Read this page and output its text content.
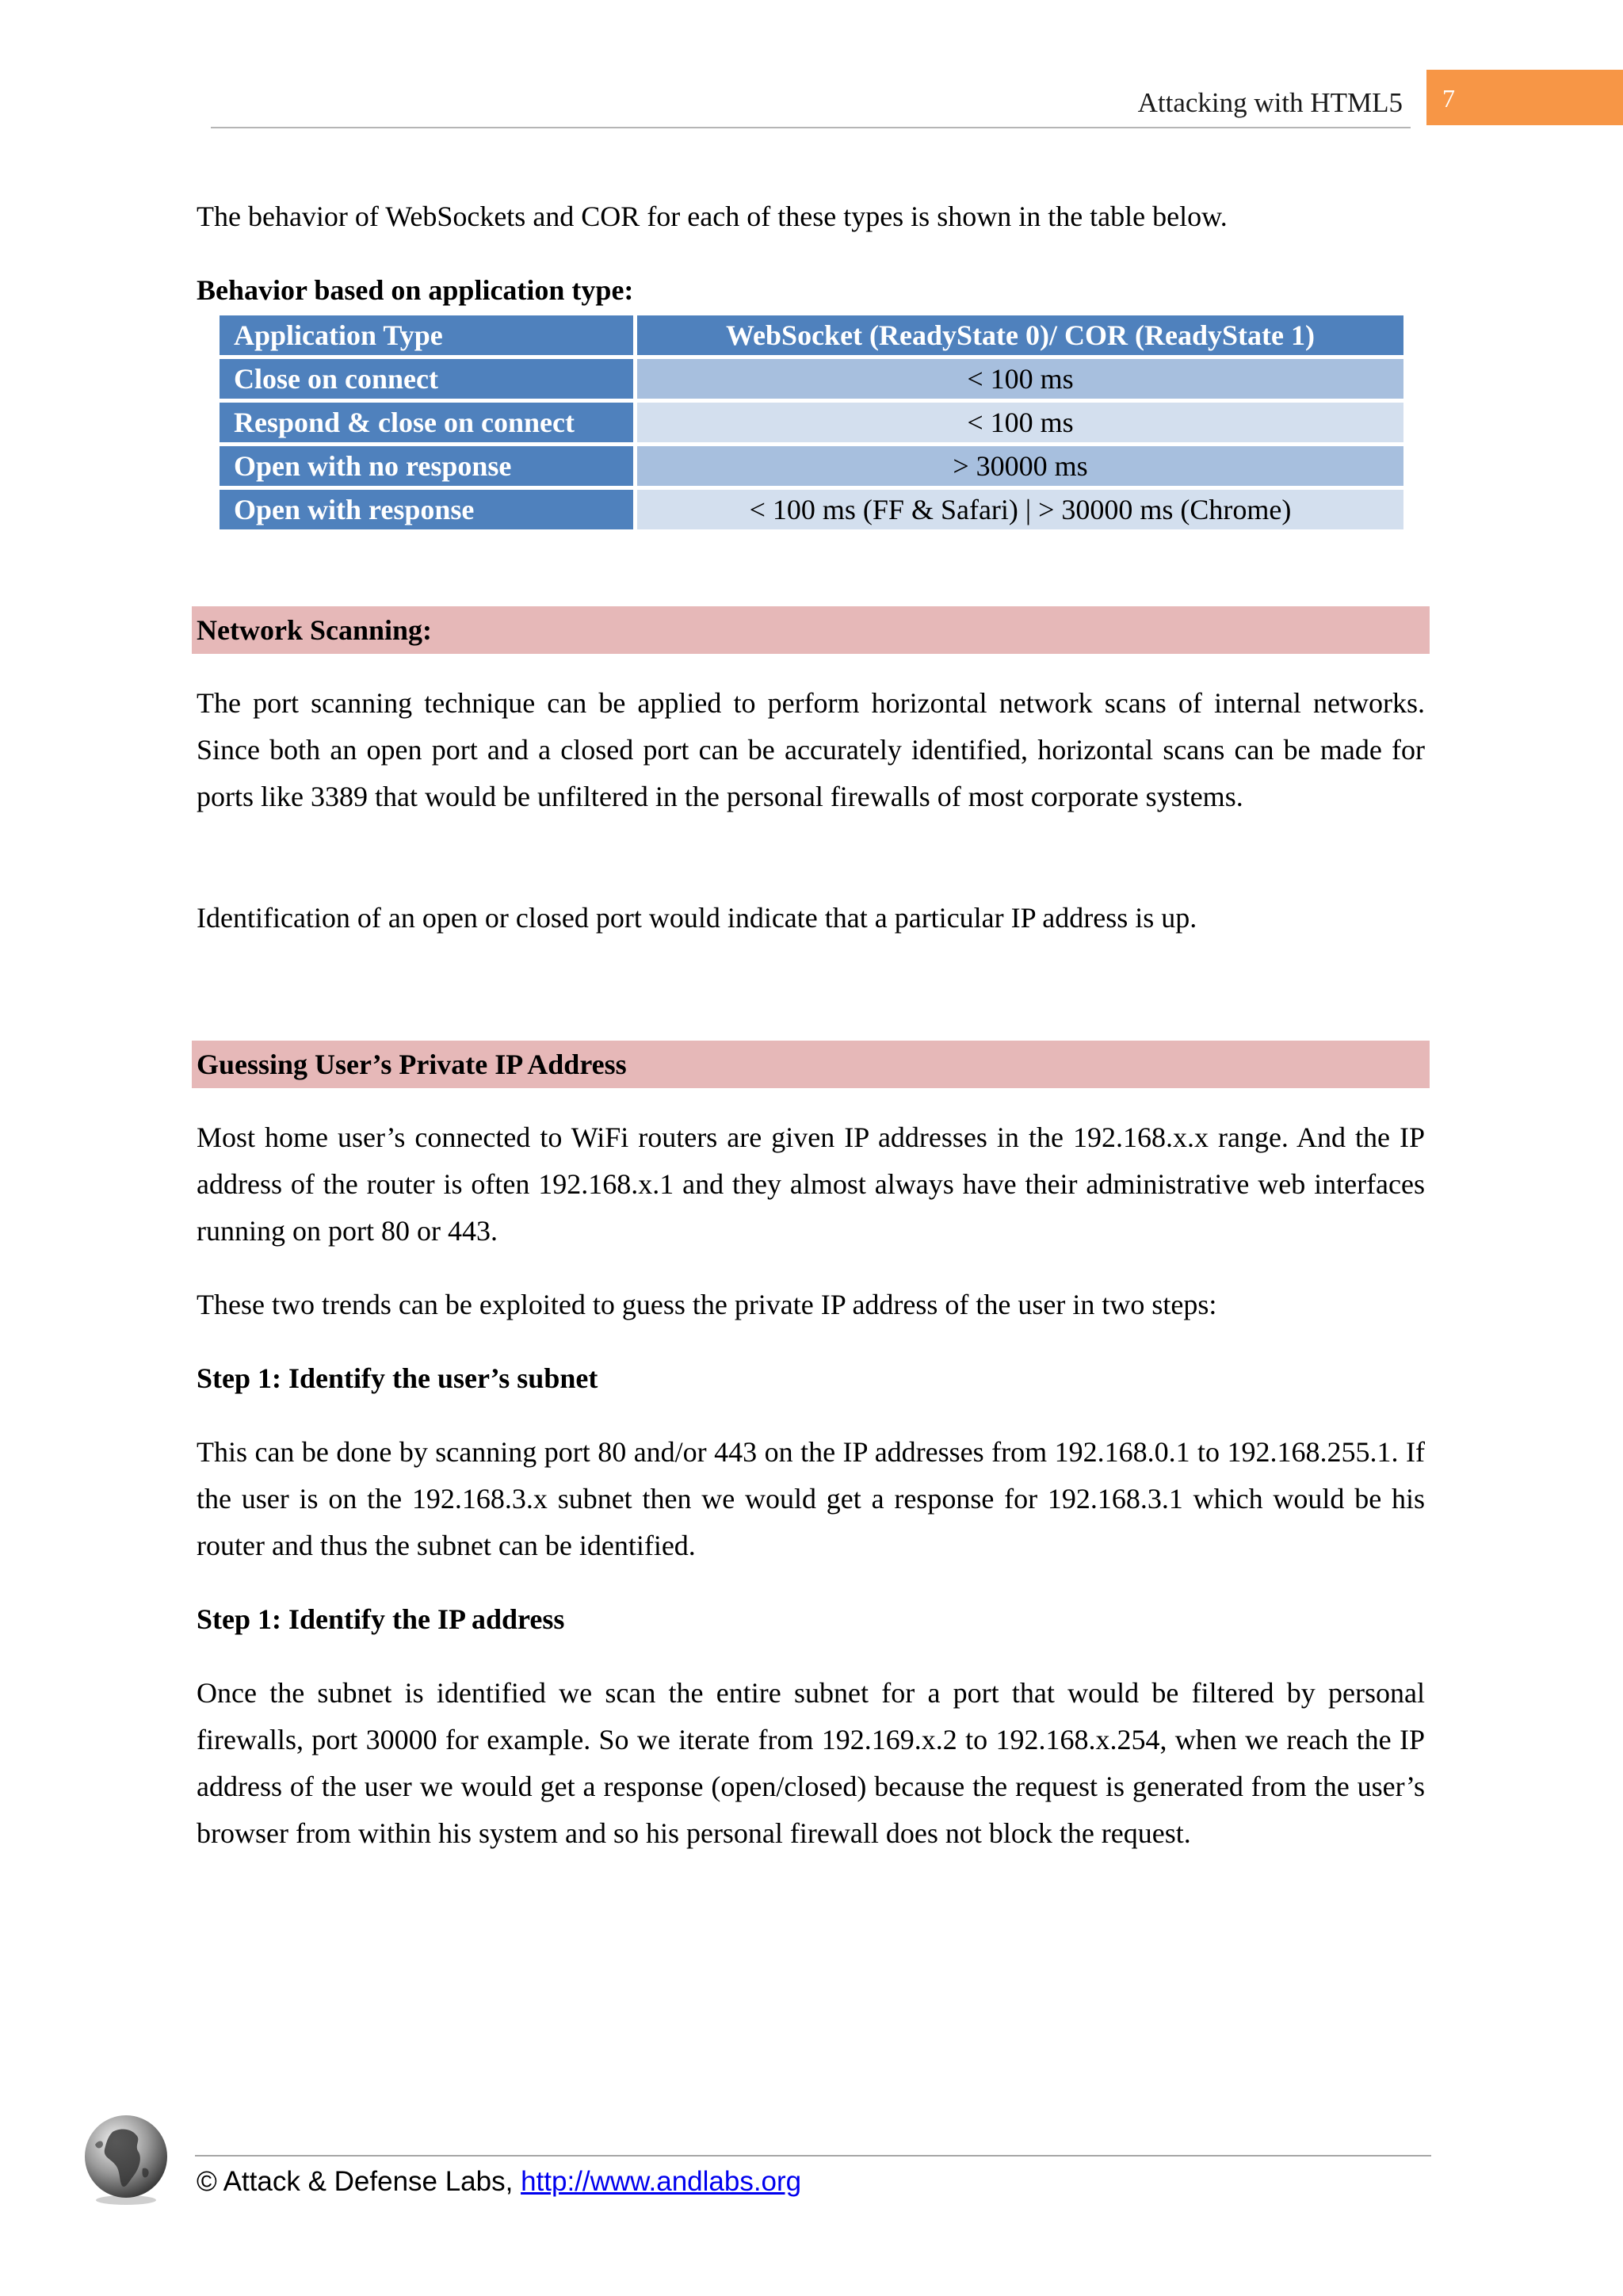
Attacking with HTML5 7
The behavior of WebSockets and COR for each of these types is shown in the table below.
Behavior based on application type:
Application Type	WebSocket (ReadyState 0)/ COR (ReadyState 1)
Close on connect	< 100 ms
Respond & close on connect	< 100 ms
Open with no response	> 30000 ms
Open with response	< 100 ms (FF & Safari) | > 30000 ms (Chrome)
Network Scanning:
The port scanning technique can be applied to perform horizontal network scans of internal networks. Since both an open port and a closed port can be accurately identified, horizontal scans can be made for ports like 3389 that would be unfiltered in the personal firewalls of most corporate systems.
Identification of an open or closed port would indicate that a particular IP address is up.
Guessing User’s Private IP Address
Most home user’s connected to WiFi routers are given IP addresses in the 192.168.x.x range. And the IP address of the router is often 192.168.x.1 and they almost always have their administrative web interfaces running on port 80 or 443.
These two trends can be exploited to guess the private IP address of the user in two steps:
Step 1: Identify the user’s subnet
This can be done by scanning port 80 and/or 443 on the IP addresses from 192.168.0.1 to 192.168.255.1. If the user is on the 192.168.3.x subnet then we would get a response for 192.168.3.1 which would be his router and thus the subnet can be identified.
Step 1: Identify the IP address
Once the subnet is identified we scan the entire subnet for a port that would be filtered by personal firewalls, port 30000 for example. So we iterate from 192.169.x.2 to 192.168.x.254, when we reach the IP address of the user we would get a response (open/closed) because the request is generated from the user’s browser from within his system and so his personal firewall does not block the request.
© Attack & Defense Labs, http://www.andlabs.org
